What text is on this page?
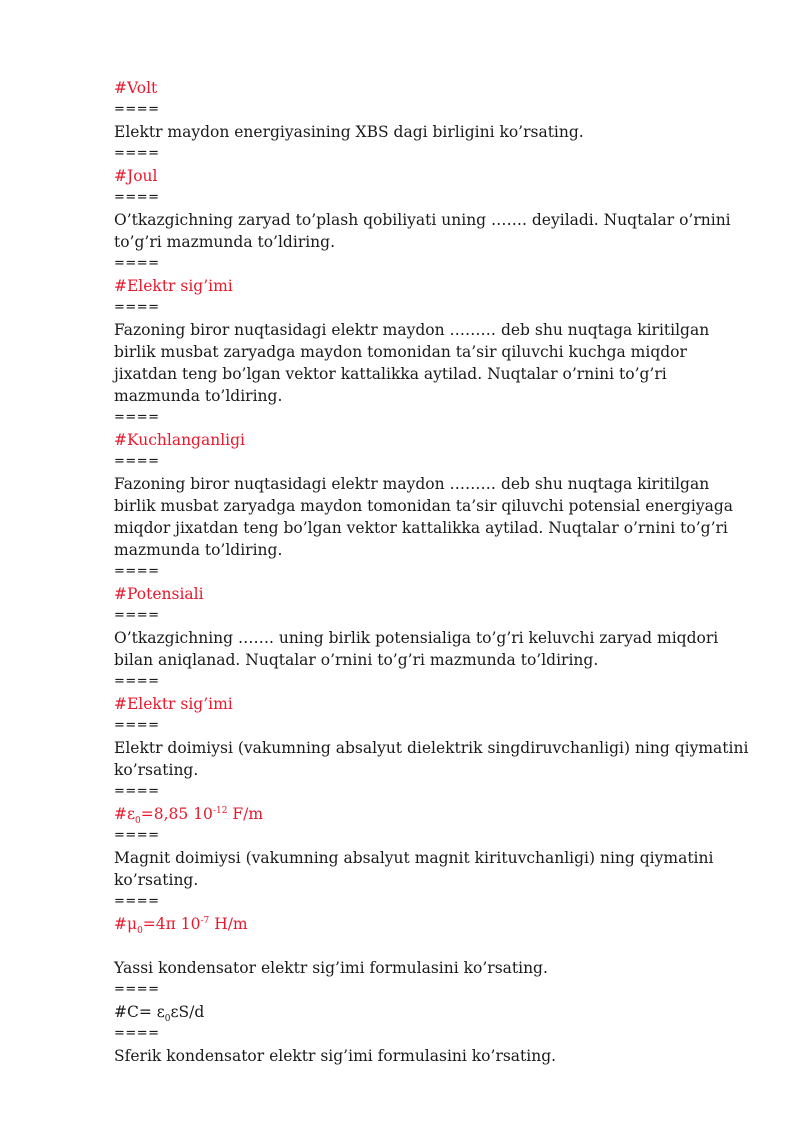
#Volt

====

Elektr maydon energiyasining XBS dagi birligini ko’rsating.

====

#Joul

====

O’tkazgichning zaryad to’plash qobiliyati uning ……. deyiladi. Nuqtalar o’rnini to’g’ri mazmunda to’ldiring.

====

#Elektr sig’imi

====

Fazoning biror nuqtasidagi elektr maydon ……… deb shu nuqtaga kiritilgan birlik musbat zaryadga maydon tomonidan ta’sir qiluvchi kuchga miqdor jixatdan teng bo’lgan vektor kattalikka aytilad. Nuqtalar o’rnini to’g’ri mazmunda to’ldiring.

====

#Kuchlanganligi

====

Fazoning biror nuqtasidagi elektr maydon ……… deb shu nuqtaga kiritilgan birlik musbat zaryadga maydon tomonidan ta’sir qiluvchi potensial energiyaga miqdor jixatdan teng bo’lgan vektor kattalikka aytilad. Nuqtalar o’rnini to’g’ri mazmunda to’ldiring.

====

#Potensiali

====

O’tkazgichning ……. uning birlik potensialiga to’g’ri keluvchi zaryad miqdori bilan aniqlanad. Nuqtalar o’rnini to’g’ri mazmunda to’ldiring.

====

#Elektr sig’imi

====

Elektr doimiysi (vakumning absalyut dielektrik singdiruvchanligi) ning qiymatini ko’rsating.

====

$\#\varepsilon_0=8,85$ $10^{-12}$ F/m

====

Magnit doimiysi (vakumning absalyut magnit kirituvchanligi) ning qiymatini ko’rsating.

====

$\#\mu_0=4\pi$ $10^{-7}$ H/m

Yassi kondensator elektr sig’imi formulasini ko’rsating.

====

#C= $\varepsilon_0\varepsilon S/d$

====

Sferik kondensator elektr sig’imi formulasini ko’rsating.
